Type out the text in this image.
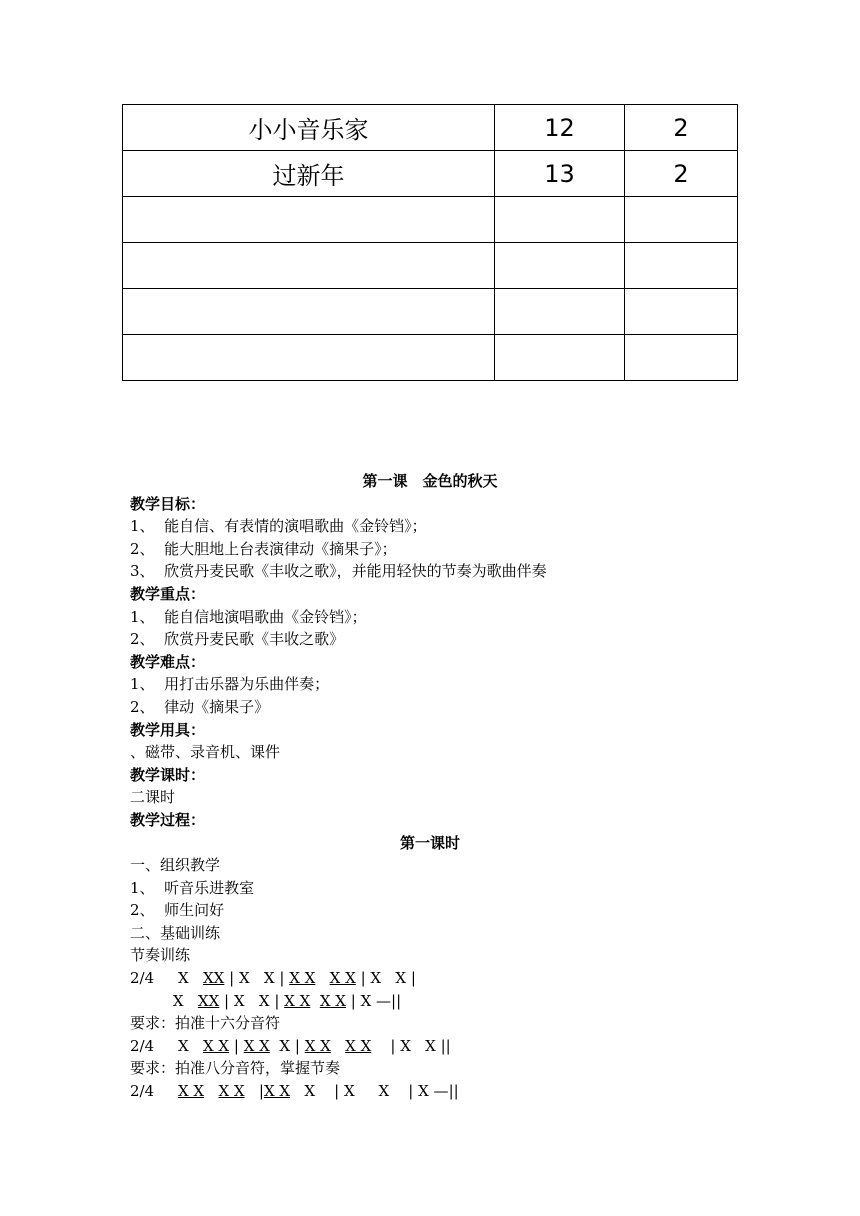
小小音乐家	12	2
过新年	13	2

第一课　金色的秋天
教学目标：
1、  能自信、有表情的演唱歌曲《金铃铛》；
2、  能大胆地上台表演律动《摘果子》；
3、  欣赏丹麦民歌《丰收之歌》，并能用轻快的节奏为歌曲伴奏
教学重点：
1、  能自信地演唱歌曲《金铃铛》；
2、  欣赏丹麦民歌《丰收之歌》
教学难点：
1、  用打击乐器为乐曲伴奏；
2、  律动《摘果子》
教学用具：
、磁带、录音机、课件
教学课时：
二课时
教学过程：
第一课时
一、组织教学
1、  听音乐进教室
2、  师生问好
二、基础训练
节奏训练
2/4 X XX | X   X | X X X X | X   X |
X XX | X   X | X X X X | X —||
要求：拍准十六分音符
2/4 X X X | X X X | X X X X    | X   X ||
要求：拍准八分音符，掌握节奏
2/4 X X X X   |X X X    | X X    | X —||
